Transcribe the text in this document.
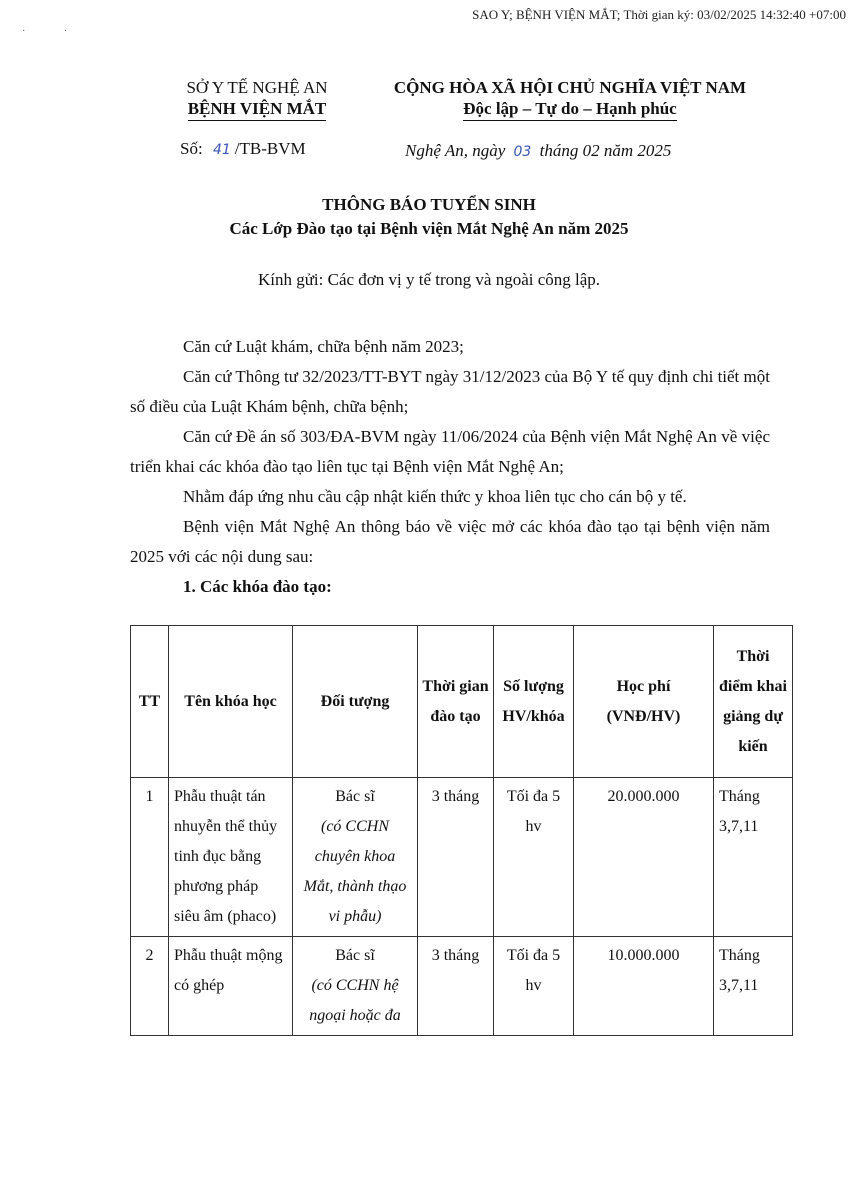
SAO Y; BỆNH VIỆN MẮT; Thời gian ký: 03/02/2025 14:32:40 +07:00
· ·
SỞ Y TẾ NGHỆ AN
BỆNH VIỆN MẮT
CỘNG HÒA XÃ HỘI CHỦ NGHĨA VIỆT NAM
Độc lập – Tự do – Hạnh phúc
Số: 41 /TB-BVM	Nghệ An, ngày 03 tháng 02 năm 2025
THÔNG BÁO TUYỂN SINH
Các Lớp Đào tạo tại Bệnh viện Mắt Nghệ An năm 2025
Kính gửi: Các đơn vị y tế trong và ngoài công lập.

Căn cứ Luật khám, chữa bệnh năm 2023;

Căn cứ Thông tư 32/2023/TT-BYT ngày 31/12/2023 của Bộ Y tế quy định chi tiết một số điều của Luật Khám bệnh, chữa bệnh;

Căn cứ Đề án số 303/ĐA-BVM ngày 11/06/2024 của Bệnh viện Mắt Nghệ An về việc triển khai các khóa đào tạo liên tục tại Bệnh viện Mắt Nghệ An;

Nhằm đáp ứng nhu cầu cập nhật kiến thức y khoa liên tục cho cán bộ y tế.

Bệnh viện Mắt Nghệ An thông báo về việc mở các khóa đào tạo tại bệnh viện năm 2025 với các nội dung sau:

1. Các khóa đào tạo:

TT	Tên khóa học	Đối tượng	Thời gian đào tạo	Số lượng HV/khóa	Học phí (VNĐ/HV)	Thời điểm khai giảng dự kiến
1	Phẫu thuật tán nhuyễn thể thủy tinh đục bằng phương pháp siêu âm (phaco)	Bác sĩ
(có CCHN chuyên khoa Mắt, thành thạo vi phẫu)	3 tháng	Tối đa 5 hv	20.000.000	Tháng 3,7,11
2	Phẫu thuật mộng có ghép	Bác sĩ
(có CCHN hệ ngoại hoặc đa	3 tháng	Tối đa 5 hv	10.000.000	Tháng 3,7,11
